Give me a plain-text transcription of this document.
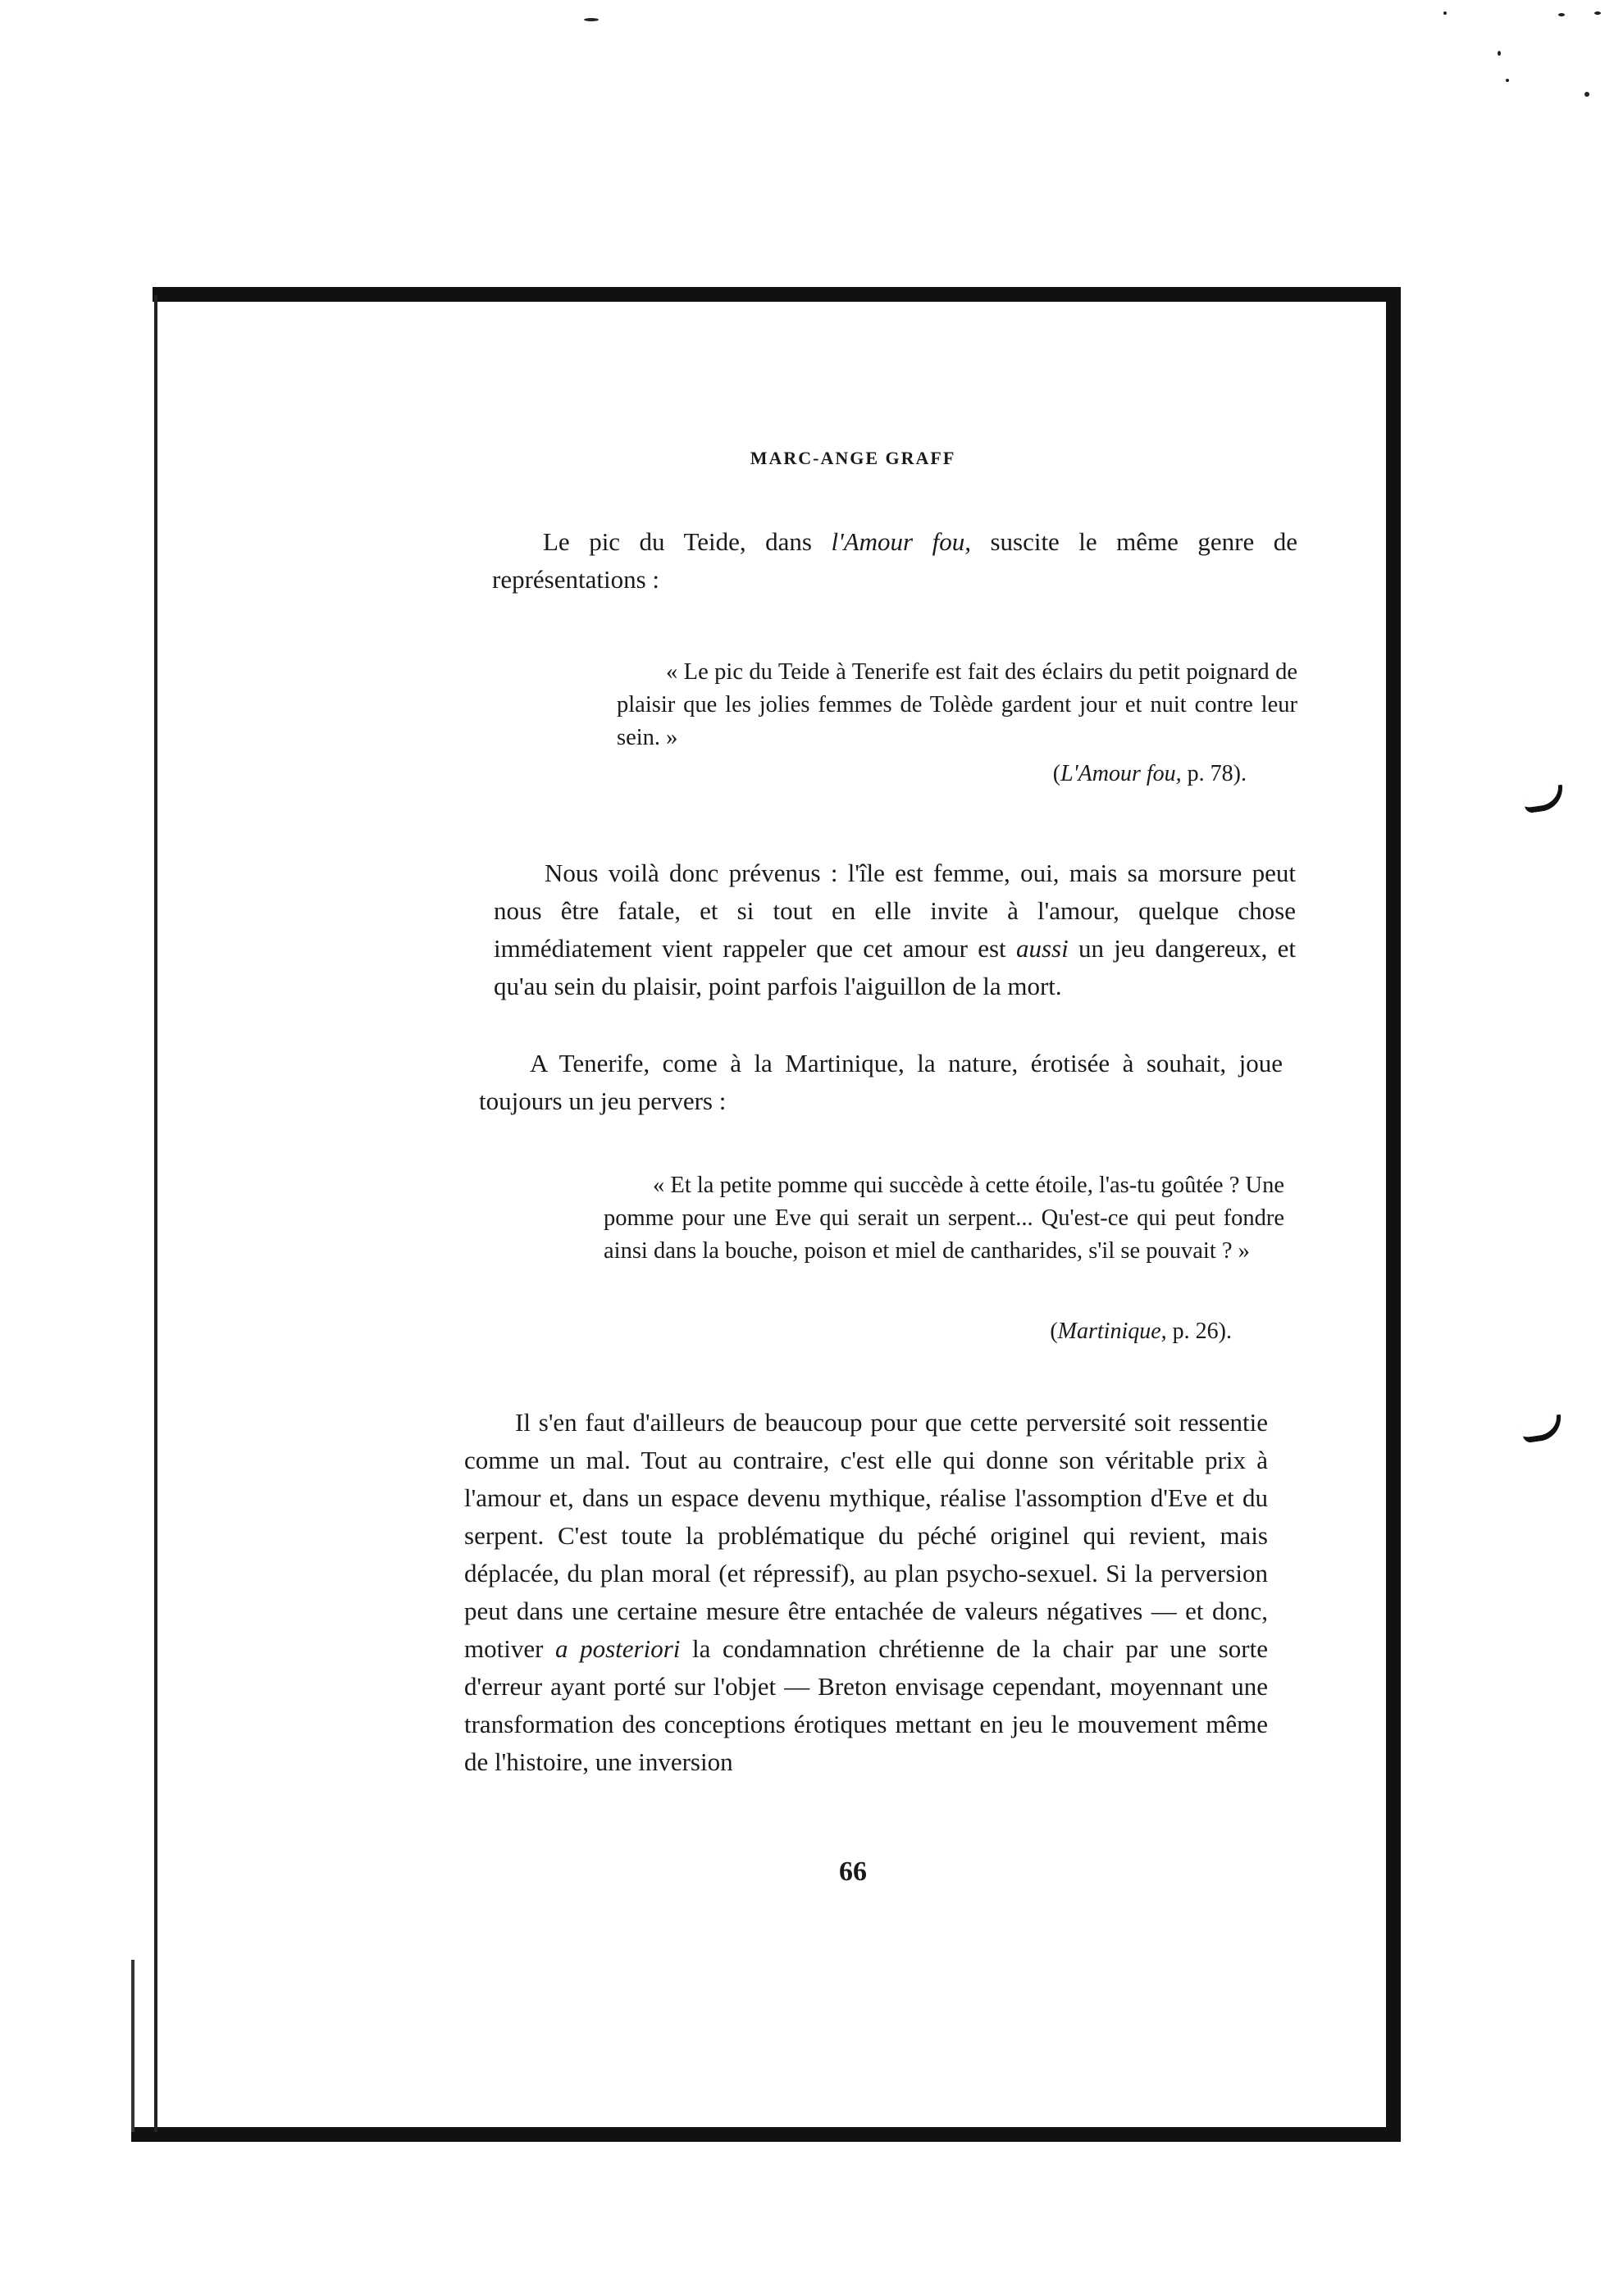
MARC-ANGE GRAFF

Le pic du Teide, dans l'Amour fou, suscite le même genre de représentations :

« Le pic du Teide à Tenerife est fait des éclairs du petit poignard de plaisir que les jolies femmes de Tolède gardent jour et nuit contre leur sein. »

(L'Amour fou, p. 78).

Nous voilà donc prévenus : l'île est femme, oui, mais sa morsure peut nous être fatale, et si tout en elle invite à l'amour, quelque chose immédiatement vient rappeler que cet amour est aussi un jeu dangereux, et qu'au sein du plaisir, point parfois l'aiguillon de la mort.

A Tenerife, come à la Martinique, la nature, érotisée à souhait, joue toujours un jeu pervers :

« Et la petite pomme qui succède à cette étoile, l'as-tu goûtée ? Une pomme pour une Eve qui serait un serpent... Qu'est-ce qui peut fondre ainsi dans la bouche, poison et miel de cantharides, s'il se pouvait ? »

(Martinique, p. 26).

Il s'en faut d'ailleurs de beaucoup pour que cette perversité soit ressentie comme un mal. Tout au contraire, c'est elle qui donne son véritable prix à l'amour et, dans un espace devenu mythique, réalise l'assomption d'Eve et du serpent. C'est toute la problématique du péché originel qui revient, mais déplacée, du plan moral (et répressif), au plan psycho-sexuel. Si la perversion peut dans une certaine mesure être entachée de valeurs négatives — et donc, motiver a posteriori la condamnation chrétienne de la chair par une sorte d'erreur ayant porté sur l'objet — Breton envisage cependant, moyennant une transformation des conceptions érotiques mettant en jeu le mouvement même de l'histoire, une inversion

66
